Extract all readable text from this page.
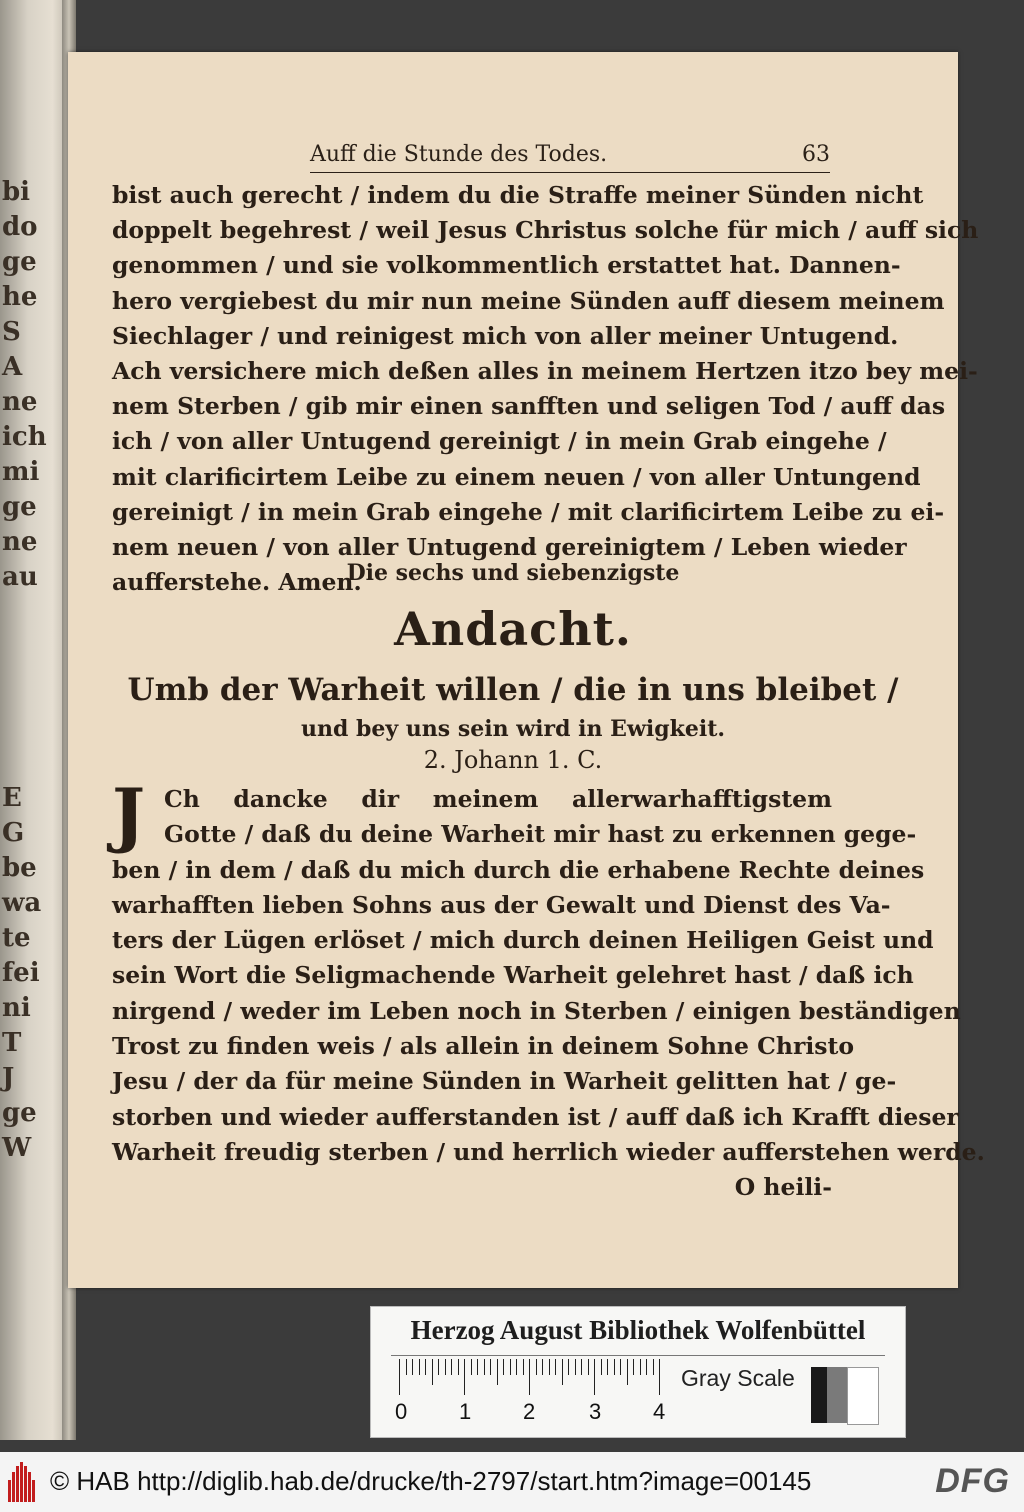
bi
do
ge
he
S
A
ne
ich
mi
ge
ne
au
E
G
be
wa
te
fei
ni
T
J
ge
W
Auff die Stunde des Todes.	63
bist auch gerecht / indem du die Straffe meiner Sünden nicht
doppelt begehrest / weil Jesus Christus solche für mich / auff sich
genommen / und sie volkommentlich erstattet hat. Dannen-
hero vergiebest du mir nun meine Sünden auff diesem meinem
Siechlager / und reinigest mich von aller meiner Untugend.
Ach versichere mich deßen alles in meinem Hertzen itzo bey mei-
nem Sterben / gib mir einen sanfften und seligen Tod / auff das
ich / von aller Untugend gereinigt / in mein Grab eingehe /
mit clarificirtem Leibe zu einem neuen / von aller Untungend
gereinigt / in mein Grab eingehe / mit clarificirtem Leibe zu ei-
nem neuen / von aller Untugend gereinigtem / Leben wieder
aufferstehe. Amen.
Die sechs und siebenzigste
Andacht.
Umb der Warheit willen / die in uns bleibet /
und bey uns sein wird in Ewigkeit.
2. Johann 1. C.
J Ch dancke dir meinem allerwarhafftigstem
Gotte / daß du deine Warheit mir hast zu erkennen gege-
ben / in dem / daß du mich durch die erhabene Rechte deines
warhafften lieben Sohns aus der Gewalt und Dienst des Va-
ters der Lügen erlöset / mich durch deinen Heiligen Geist und
sein Wort die Seligmachende Warheit gelehret hast / daß ich
nirgend / weder im Leben noch in Sterben / einigen beständigen
Trost zu finden weis / als allein in deinem Sohne Christo
Jesu / der da für meine Sünden in Warheit gelitten hat / ge-
storben und wieder aufferstanden ist / auff daß ich Krafft dieser
Warheit freudig sterben / und herrlich wieder aufferstehen werde.
O heili-
Herzog August Bibliothek Wolfenbüttel
0 1 2 3 4
Gray Scale
© HAB http://diglib.hab.de/drucke/th-2797/start.htm?image=00145	DFG
